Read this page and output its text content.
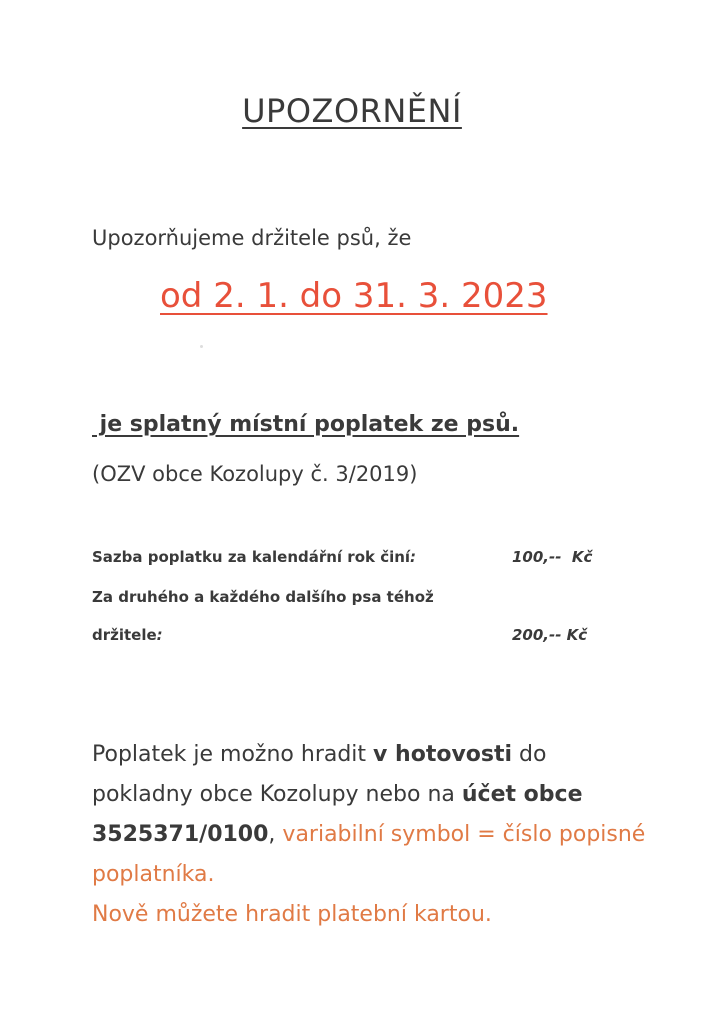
UPOZORNĚNÍ
Upozorňujeme držitele psů, že
od 2. 1. do 31. 3. 2023
je splatný místní poplatek ze psů.
(OZV obce Kozolupy č. 3/2019)
Sazba poplatku za kalendářní rok činí:	100,--  Kč
Za druhého a každého dalšího psa téhož
držitele:	200,-- Kč
Poplatek je možno hradit v hotovosti do pokladny obce Kozolupy nebo na účet obce 3525371/0100, variabilní symbol = číslo popisné poplatníka.
Nově můžete hradit platební kartou.
